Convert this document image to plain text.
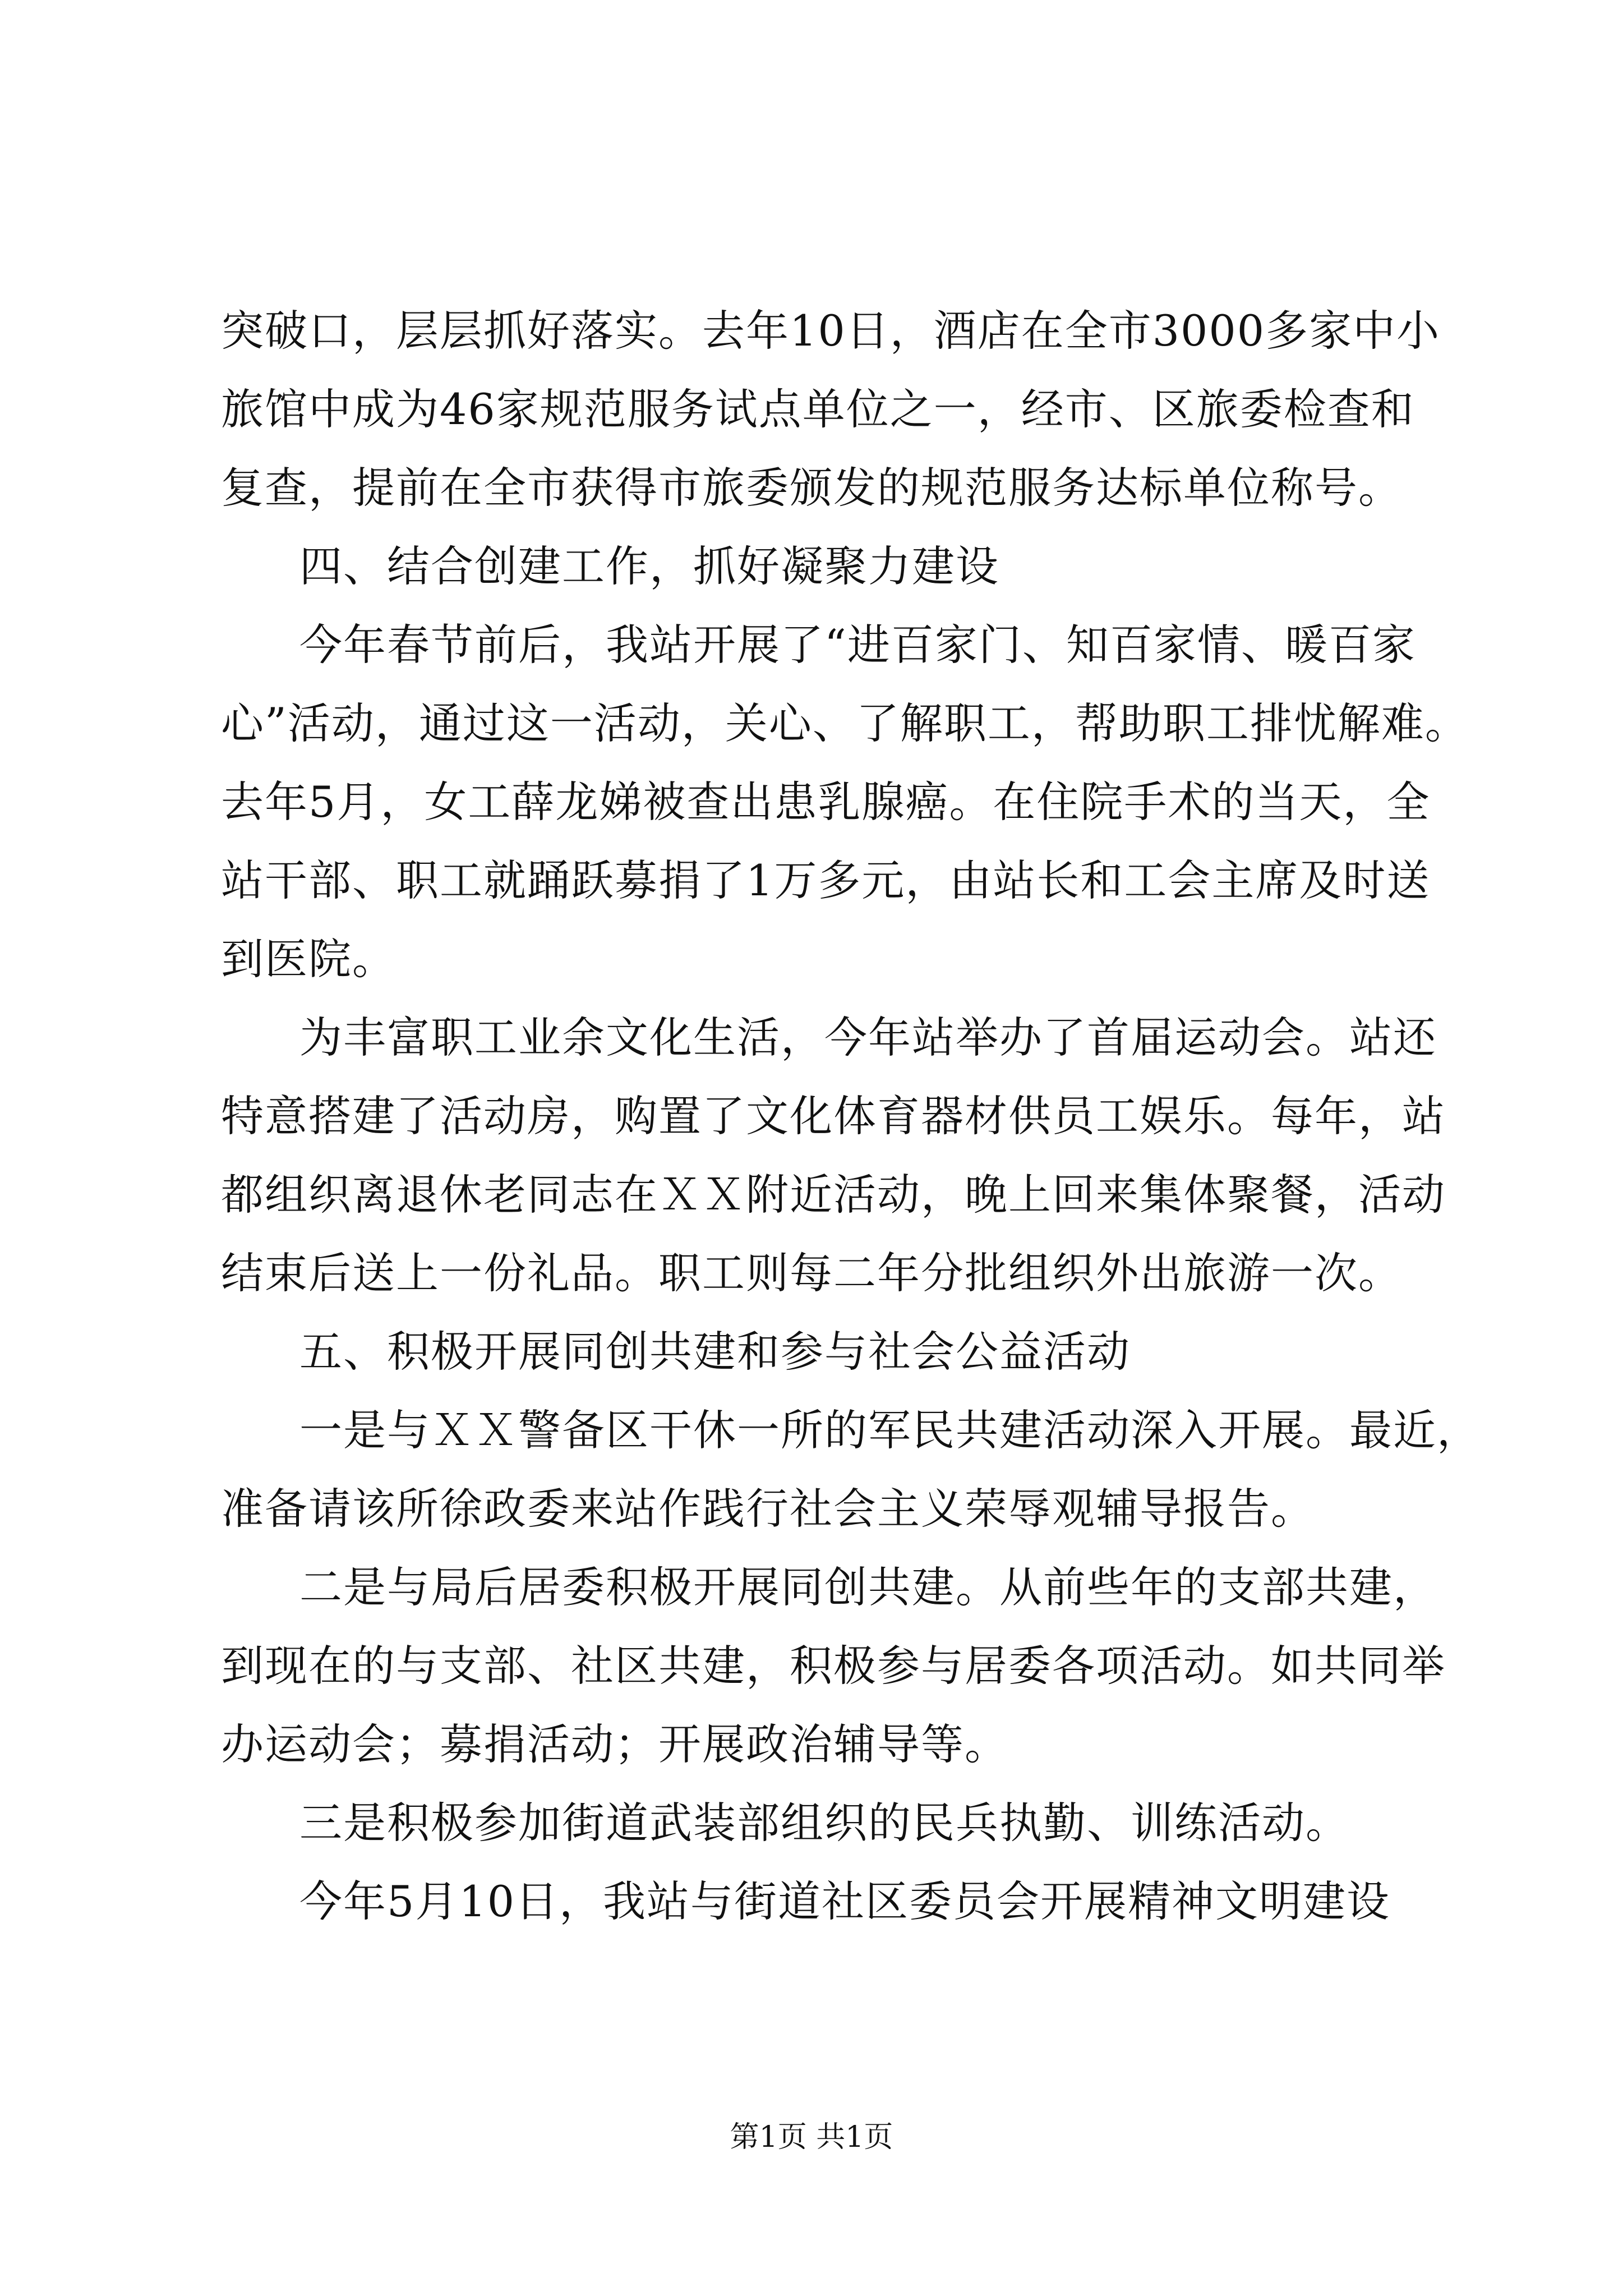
突破口，层层抓好落实。去年10日，酒店在全市3000多家中小
旅馆中成为46家规范服务试点单位之一，经市、区旅委检查和
复查，提前在全市获得市旅委颁发的规范服务达标单位称号。
四、结合创建工作，抓好凝聚力建设
今年春节前后，我站开展了“进百家门、知百家情、暖百家
心”活动，通过这一活动，关心、了解职工，帮助职工排忧解难。
去年5月，女工薛龙娣被查出患乳腺癌。在住院手术的当天，全
站干部、职工就踊跃募捐了1万多元，由站长和工会主席及时送
到医院。
为丰富职工业余文化生活，今年站举办了首届运动会。站还
特意搭建了活动房，购置了文化体育器材供员工娱乐。每年，站
都组织离退休老同志在ＸＸ附近活动，晚上回来集体聚餐，活动
结束后送上一份礼品。职工则每二年分批组织外出旅游一次。
五、积极开展同创共建和参与社会公益活动
一是与ＸＸ警备区干休一所的军民共建活动深入开展。最近，
准备请该所徐政委来站作践行社会主义荣辱观辅导报告。
二是与局后居委积极开展同创共建。从前些年的支部共建，
到现在的与支部、社区共建，积极参与居委各项活动。如共同举
办运动会；募捐活动；开展政治辅导等。
三是积极参加街道武装部组织的民兵执勤、训练活动。
今年5月10日，我站与街道社区委员会开展精神文明建设
第1页 共1页
